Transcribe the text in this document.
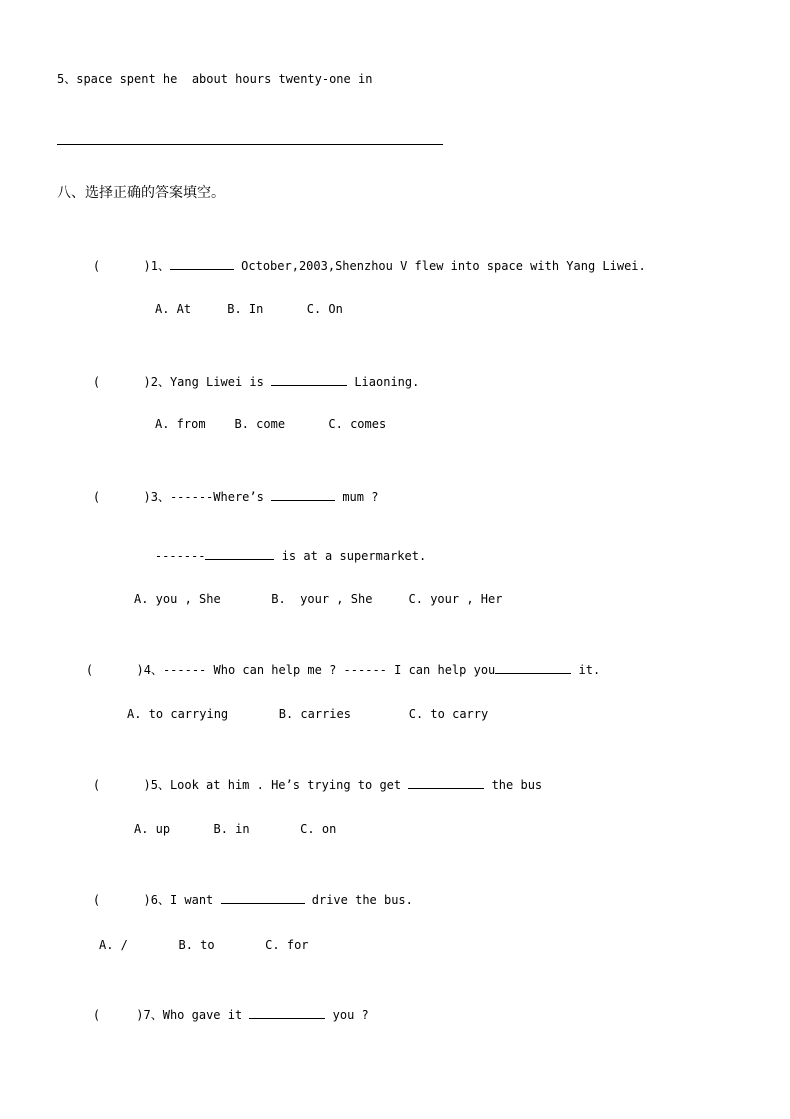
5、space spent he  about hours twenty-one in
八、选择正确的答案填空。

(      )1、	October,2003,Shenzhou V flew into space with Yang Liwei.

A. At     B. In      C. On

(      )2、Yang Liwei is	Liaoning.

A. from    B. come      C. comes

(      )3、------Where’s	mum ?

-------	is at a supermarket.

A. you , She       B.  your , She     C. your , Her

(      )4、------ Who can help me ? ------ I can help you	it.

A. to carrying       B. carries        C. to carry

(      )5、Look at him . He’s trying to get	the bus

A. up      B. in       C. on

(      )6、I want	drive the bus.

A. /       B. to       C. for

(     )7、Who gave it	you ?
